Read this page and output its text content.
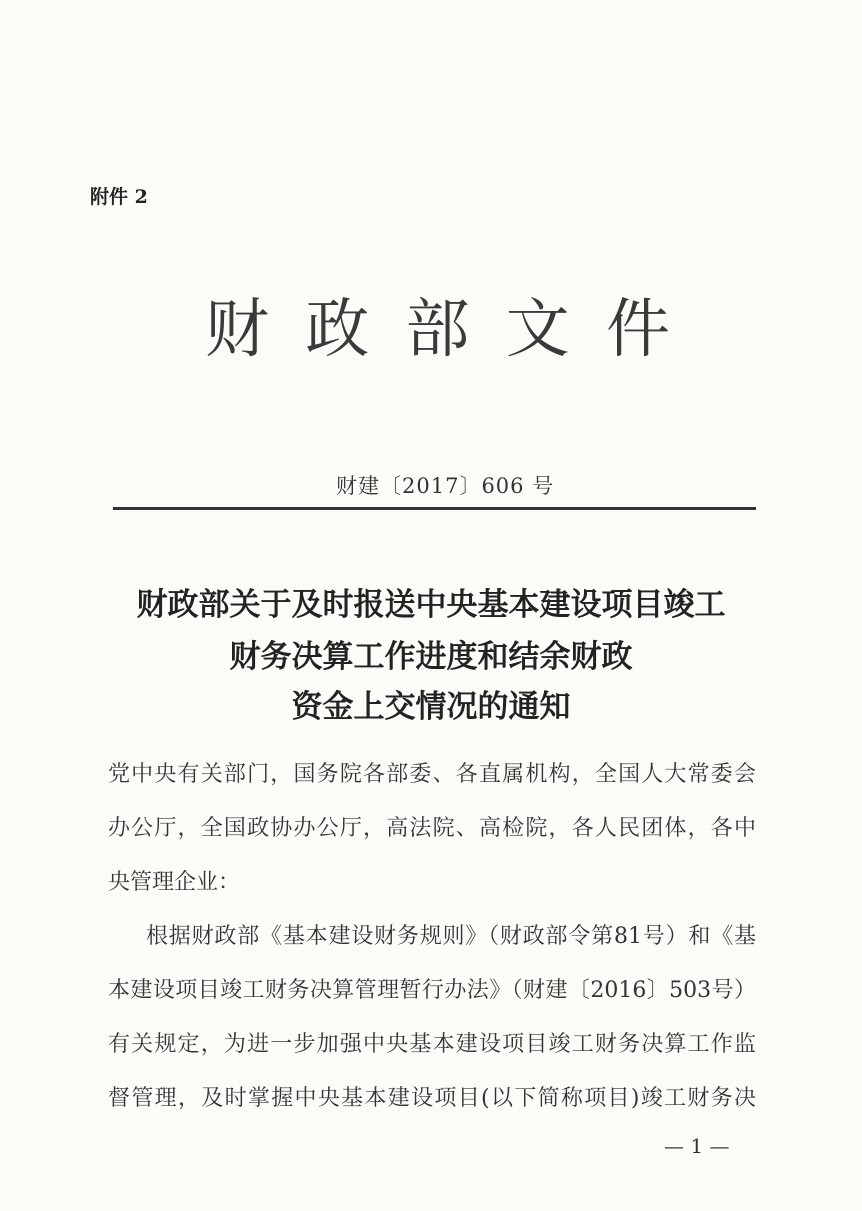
附件 2
财 政 部 文 件
财建〔2017〕606 号
财政部关于及时报送中央基本建设项目竣工
财务决算工作进度和结余财政
资金上交情况的通知
党中央有关部门，国务院各部委、各直属机构，全国人大常委会
办公厅，全国政协办公厅，高法院、高检院，各人民团体，各中
央管理企业：
根据财政部《基本建设财务规则》（财政部令第81号）和《基
本建设项目竣工财务决算管理暂行办法》（财建〔2016〕503号）
有关规定，为进一步加强中央基本建设项目竣工财务决算工作监
督管理，及时掌握中央基本建设项目(以下简称项目)竣工财务决
— 1 —
